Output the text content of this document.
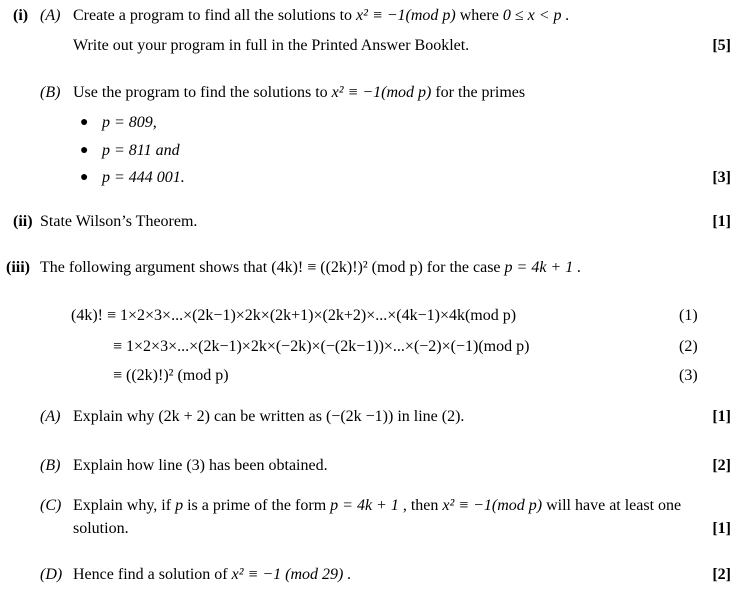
(i) (A) Create a program to find all the solutions to x² ≡ −1(mod p) where 0 ≤ x < p .
Write out your program in full in the Printed Answer Booklet.	[5]
(B) Use the program to find the solutions to x² ≡ −1(mod p) for the primes
● p = 809,
● p = 811 and
● p = 444 001.	[3]
(ii) State Wilson’s Theorem.	[1]
(iii) The following argument shows that (4k)! ≡ ((2k)!)² (mod p) for the case p = 4k + 1 .
(4k)! ≡ 1×2×3×...×(2k−1)×2k×(2k+1)×(2k+2)×...×(4k−1)×4k(mod p)	(1)
≡ 1×2×3×...×(2k−1)×2k×(−2k)×(−(2k−1))×...×(−2)×(−1)(mod p)	(2)
≡ ((2k)!)² (mod p)	(3)
(A) Explain why (2k + 2) can be written as (−(2k −1)) in line (2).	[1]
(B) Explain how line (3) has been obtained.	[2]
(C) Explain why, if p is a prime of the form p = 4k + 1 , then x² ≡ −1(mod p) will have at least one
solution.	[1]
(D) Hence find a solution of x² ≡ −1 (mod 29) .	[2]
